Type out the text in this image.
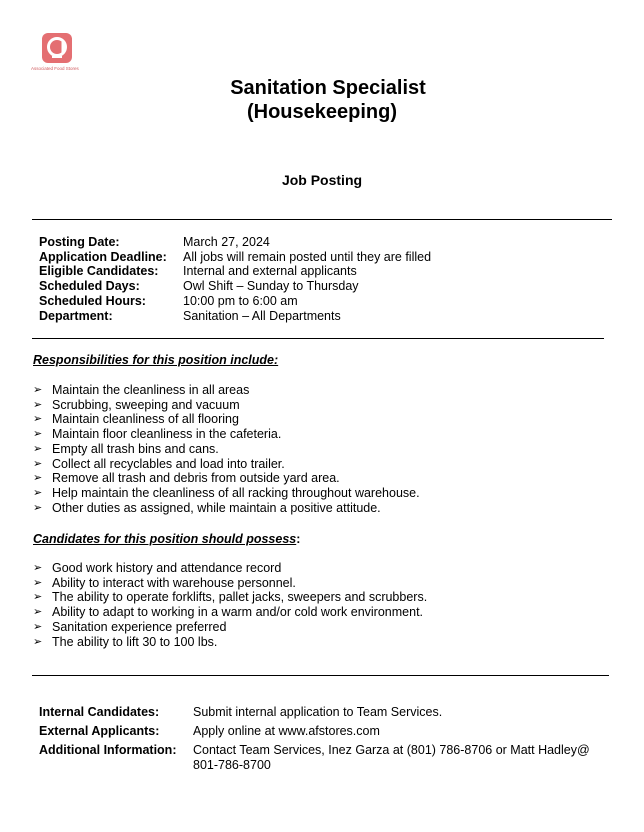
Associated Food Stores
Sanitation Specialist
(Housekeeping)
Job Posting
Posting Date:	March 27, 2024
Application Deadline:	All jobs will remain posted until they are filled
Eligible Candidates:	Internal and external applicants
Scheduled Days:	Owl Shift – Sunday to Thursday
Scheduled Hours:	10:00 pm to 6:00 am
Department:	Sanitation – All Departments
Responsibilities for this position include:
➢ Maintain the cleanliness in all areas
➢ Scrubbing, sweeping and vacuum
➢ Maintain cleanliness of all flooring
➢ Maintain floor cleanliness in the cafeteria.
➢ Empty all trash bins and cans.
➢ Collect all recyclables and load into trailer.
➢ Remove all trash and debris from outside yard area.
➢ Help maintain the cleanliness of all racking throughout warehouse.
➢ Other duties as assigned, while maintain a positive attitude.
Candidates for this position should possess:
➢ Good work history and attendance record
➢ Ability to interact with warehouse personnel.
➢ The ability to operate forklifts, pallet jacks, sweepers and scrubbers.
➢ Ability to adapt to working in a warm and/or cold work environment.
➢ Sanitation experience preferred
➢ The ability to lift 30 to 100 lbs.
Internal Candidates:	Submit internal application to Team Services.
External Applicants:	Apply online at www.afstores.com
Additional Information:	Contact Team Services, Inez Garza at (801) 786-8706 or Matt Hadley@ 801-786-8700
